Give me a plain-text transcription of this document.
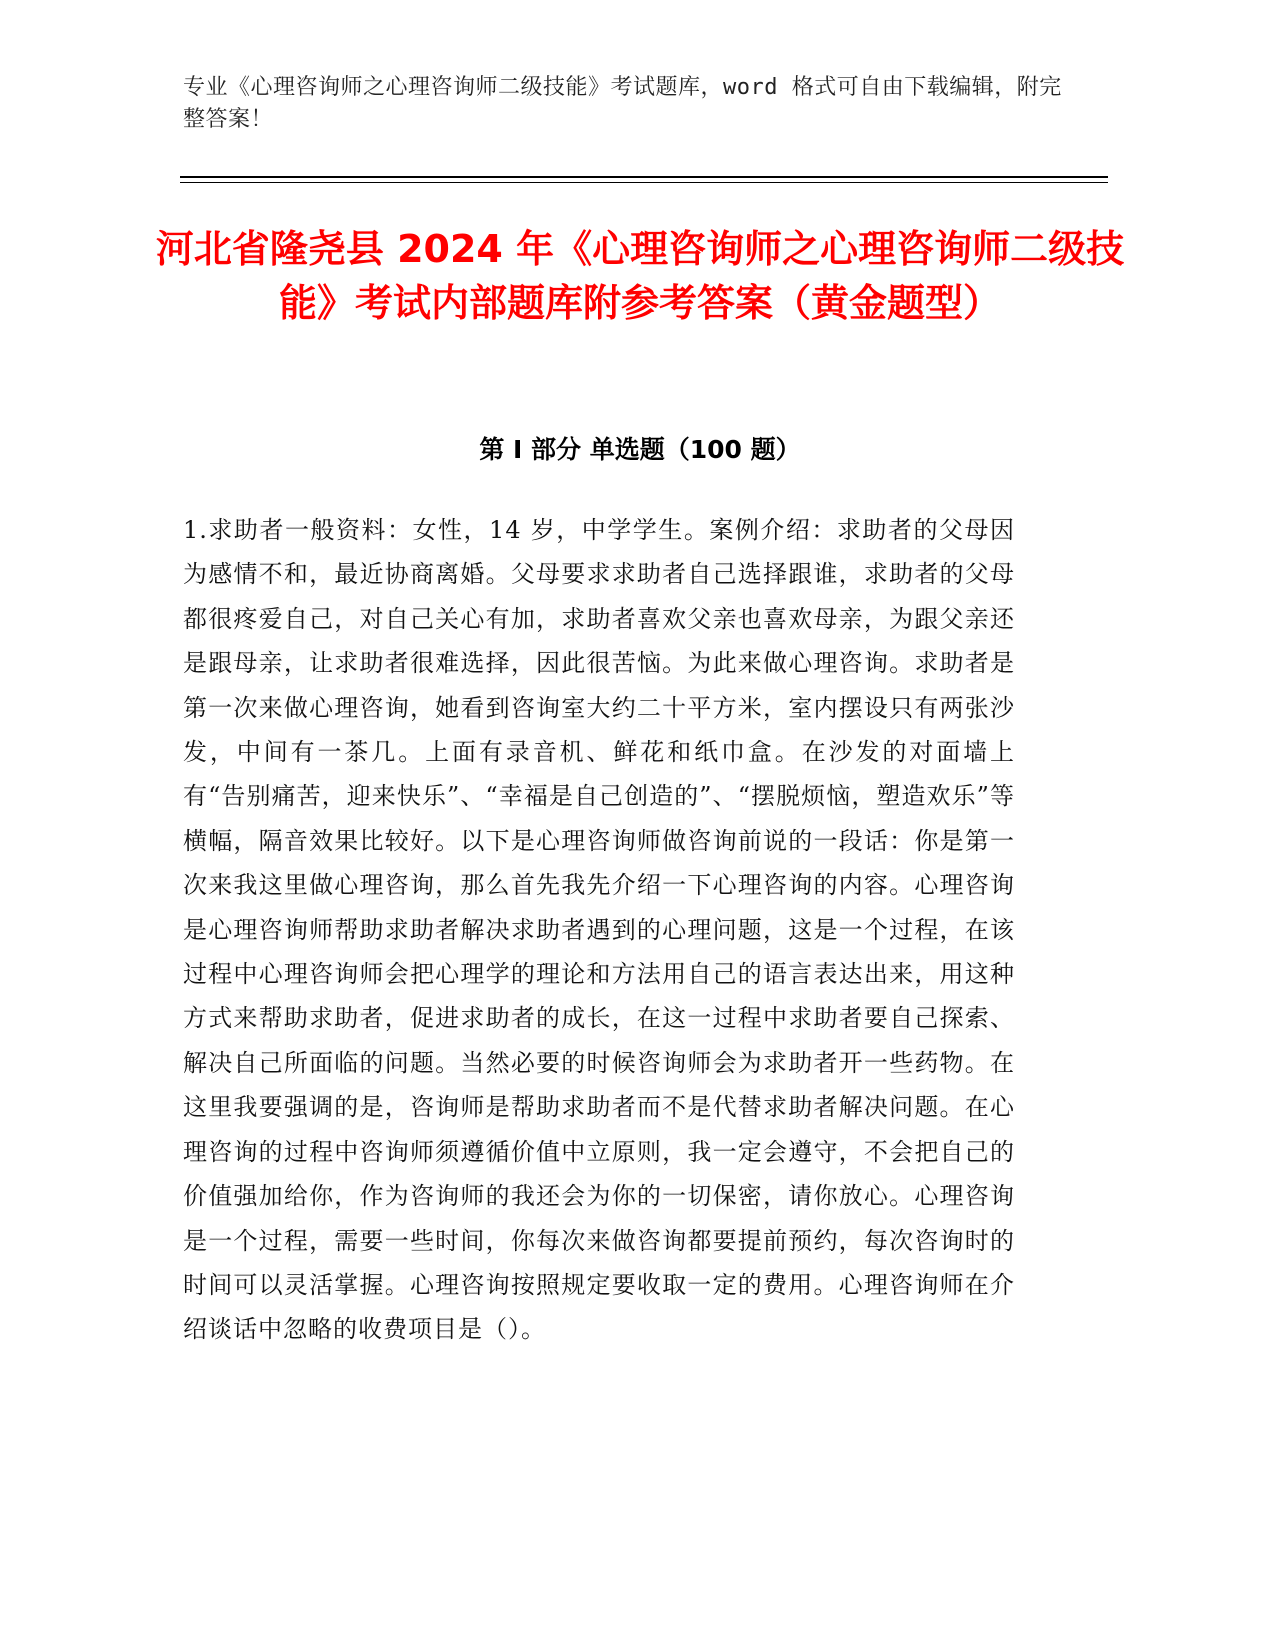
专业《心理咨询师之心理咨询师二级技能》考试题库，word 格式可自由下载编辑，附完整答案！
河北省隆尧县 2024 年《心理咨询师之心理咨询师二级技能》考试内部题库附参考答案（黄金题型）
第 I 部分 单选题（100 题）

1.求助者一般资料：女性，14 岁，中学学生。案例介绍：求助者的父母因为感情不和，最近协商离婚。父母要求求助者自己选择跟谁，求助者的父母都很疼爱自己，对自己关心有加，求助者喜欢父亲也喜欢母亲，为跟父亲还是跟母亲，让求助者很难选择，因此很苦恼。为此来做心理咨询。求助者是第一次来做心理咨询，她看到咨询室大约二十平方米，室内摆设只有两张沙发，中间有一茶几。上面有录音机、鲜花和纸巾盒。在沙发的对面墙上有“告别痛苦，迎来快乐”、“幸福是自己创造的”、“摆脱烦恼，塑造欢乐”等横幅，隔音效果比较好。以下是心理咨询师做咨询前说的一段话：你是第一次来我这里做心理咨询，那么首先我先介绍一下心理咨询的内容。心理咨询是心理咨询师帮助求助者解决求助者遇到的心理问题，这是一个过程，在该过程中心理咨询师会把心理学的理论和方法用自己的语言表达出来，用这种方式来帮助求助者，促进求助者的成长，在这一过程中求助者要自己探索、解决自己所面临的问题。当然必要的时候咨询师会为求助者开一些药物。在这里我要强调的是，咨询师是帮助求助者而不是代替求助者解决问题。在心理咨询的过程中咨询师须遵循价值中立原则，我一定会遵守，不会把自己的价值强加给你，作为咨询师的我还会为你的一切保密，请你放心。心理咨询是一个过程，需要一些时间，你每次来做咨询都要提前预约，每次咨询时的时间可以灵活掌握。心理咨询按照规定要收取一定的费用。心理咨询师在介绍谈话中忽略的收费项目是（）。
